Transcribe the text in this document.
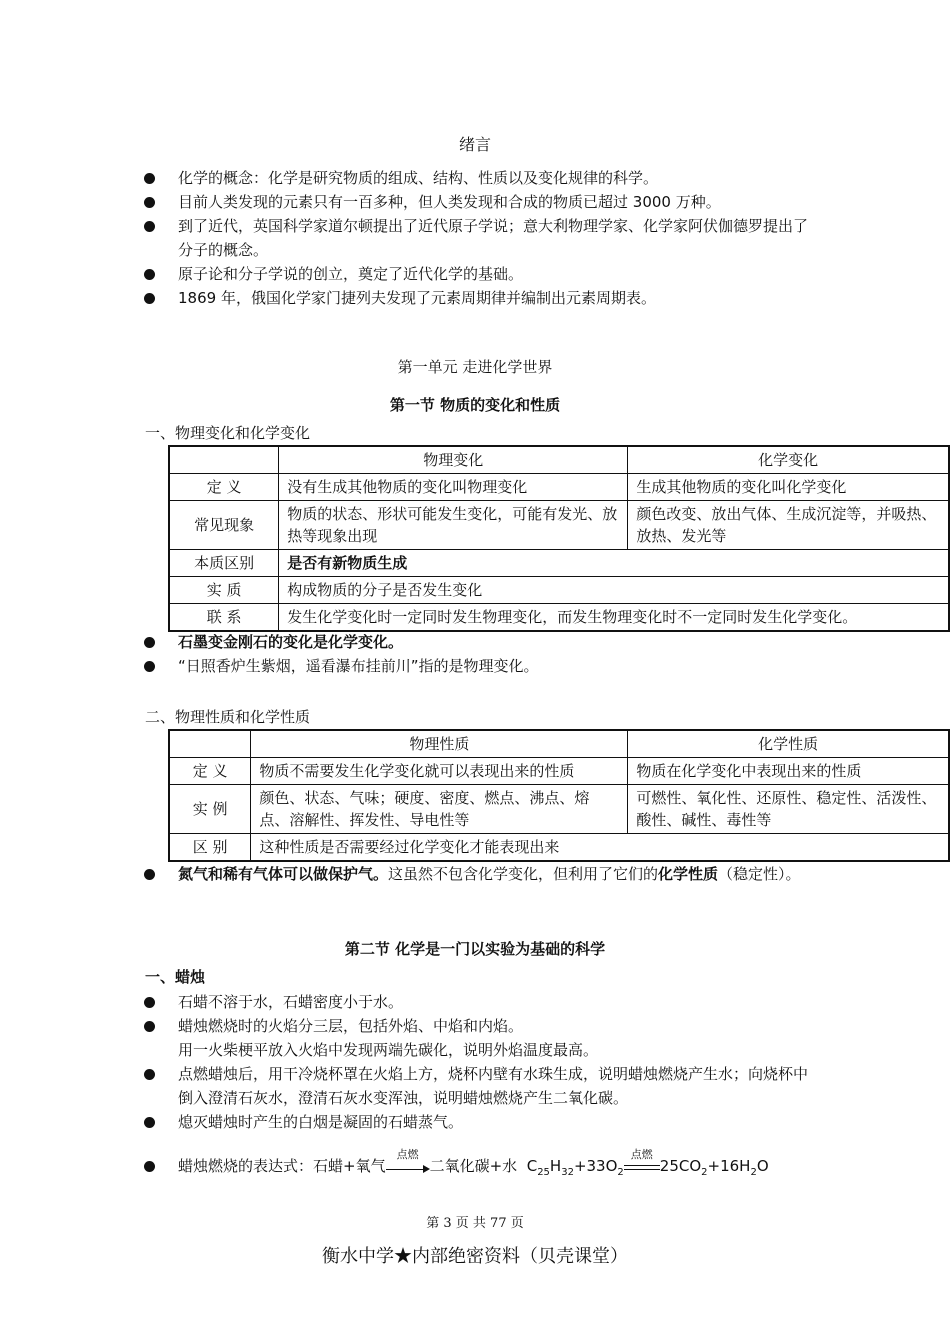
绪言
化学的概念：化学是研究物质的组成、结构、性质以及变化规律的科学。
目前人类发现的元素只有一百多种，但人类发现和合成的物质已超过 3000 万种。
到了近代，英国科学家道尔顿提出了近代原子学说；意大利物理学家、化学家阿伏伽德罗提出了分子的概念。
原子论和分子学说的创立，奠定了近代化学的基础。
1869 年，俄国化学家门捷列夫发现了元素周期律并编制出元素周期表。
第一单元 走进化学世界
第一节 物质的变化和性质
一、物理变化和化学变化
	物理变化	化学变化
定 义	没有生成其他物质的变化叫物理变化	生成其他物质的变化叫化学变化
常见现象	物质的状态、形状可能发生变化，可能有发光、放热等现象出现	颜色改变、放出气体、生成沉淀等，并吸热、放热、发光等
本质区别	是否有新物质生成	
实 质	构成物质的分子是否发生变化	
联 系	发生化学变化时一定同时发生物理变化，而发生物理变化时不一定同时发生化学变化。	
石墨变金刚石的变化是化学变化。
“日照香炉生紫烟，遥看瀑布挂前川”指的是物理变化。
二、物理性质和化学性质
	物理性质	化学性质
定 义	物质不需要发生化学变化就可以表现出来的性质	物质在化学变化中表现出来的性质
实 例	颜色、状态、气味；硬度、密度、燃点、沸点、熔点、溶解性、挥发性、导电性等	可燃性、氧化性、还原性、稳定性、活泼性、酸性、碱性、毒性等
区 别	这种性质是否需要经过化学变化才能表现出来	
氮气和稀有气体可以做保护气。这虽然不包含化学变化，但利用了它们的化学性质（稳定性）。
第二节 化学是一门以实验为基础的科学
一、蜡烛
石蜡不溶于水，石蜡密度小于水。
蜡烛燃烧时的火焰分三层，包括外焰、中焰和内焰。
用一火柴梗平放入火焰中发现两端先碳化，说明外焰温度最高。
点燃蜡烛后，用干冷烧杯罩在火焰上方，烧杯内壁有水珠生成，说明蜡烛燃烧产生水；向烧杯中倒入澄清石灰水，澄清石灰水变浑浊，说明蜡烛燃烧产生二氧化碳。
熄灭蜡烛时产生的白烟是凝固的石蜡蒸气。
蜡烛燃烧的表达式：石蜡+氧气
点燃
二氧化碳+水 $C_{25}H_{32}+33O_2$
点燃
$25CO_2+16H_2O$
第 3 页 共 77 页
衡水中学★内部绝密资料（贝壳课堂）
